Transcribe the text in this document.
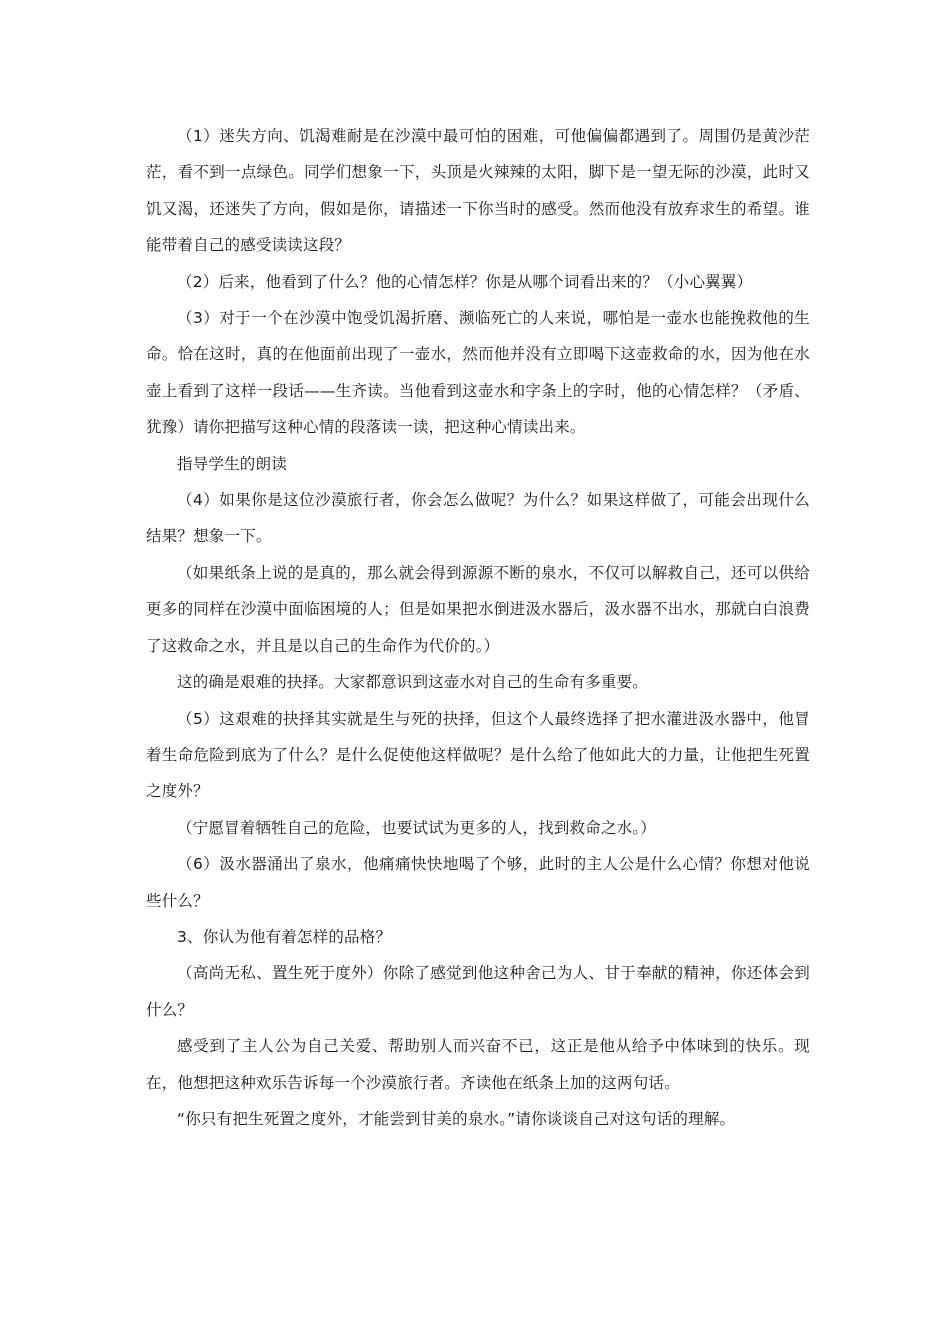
（1）迷失方向、饥渴难耐是在沙漠中最可怕的困难，可他偏偏都遇到了。周围仍是黄沙茫茫，看不到一点绿色。同学们想象一下，头顶是火辣辣的太阳，脚下是一望无际的沙漠，此时又饥又渴，还迷失了方向，假如是你，请描述一下你当时的感受。然而他没有放弃求生的希望。谁能带着自己的感受读读这段？

（2）后来，他看到了什么？他的心情怎样？你是从哪个词看出来的？（小心翼翼）

（3）对于一个在沙漠中饱受饥渴折磨、濒临死亡的人来说，哪怕是一壶水也能挽救他的生命。恰在这时，真的在他面前出现了一壶水，然而他并没有立即喝下这壶救命的水，因为他在水壶上看到了这样一段话——生齐读。当他看到这壶水和字条上的字时，他的心情怎样？（矛盾、犹豫）请你把描写这种心情的段落读一读，把这种心情读出来。

指导学生的朗读

（4）如果你是这位沙漠旅行者，你会怎么做呢？为什么？如果这样做了，可能会出现什么结果？想象一下。

（如果纸条上说的是真的，那么就会得到源源不断的泉水，不仅可以解救自己，还可以供给更多的同样在沙漠中面临困境的人；但是如果把水倒进汲水器后，汲水器不出水，那就白白浪费了这救命之水，并且是以自己的生命作为代价的。）

这的确是艰难的抉择。大家都意识到这壶水对自己的生命有多重要。

（5）这艰难的抉择其实就是生与死的抉择，但这个人最终选择了把水灌进汲水器中，他冒着生命危险到底为了什么？是什么促使他这样做呢？是什么给了他如此大的力量，让他把生死置之度外？

（宁愿冒着牺牲自己的危险，也要试试为更多的人，找到救命之水。）

（6）汲水器涌出了泉水，他痛痛快快地喝了个够，此时的主人公是什么心情？你想对他说些什么？

3、你认为他有着怎样的品格？

（高尚无私、置生死于度外）你除了感觉到他这种舍己为人、甘于奉献的精神，你还体会到什么？

感受到了主人公为自己关爱、帮助别人而兴奋不已，这正是他从给予中体味到的快乐。现在，他想把这种欢乐告诉每一个沙漠旅行者。齐读他在纸条上加的这两句话。

“你只有把生死置之度外，才能尝到甘美的泉水。”请你谈谈自己对这句话的理解。
